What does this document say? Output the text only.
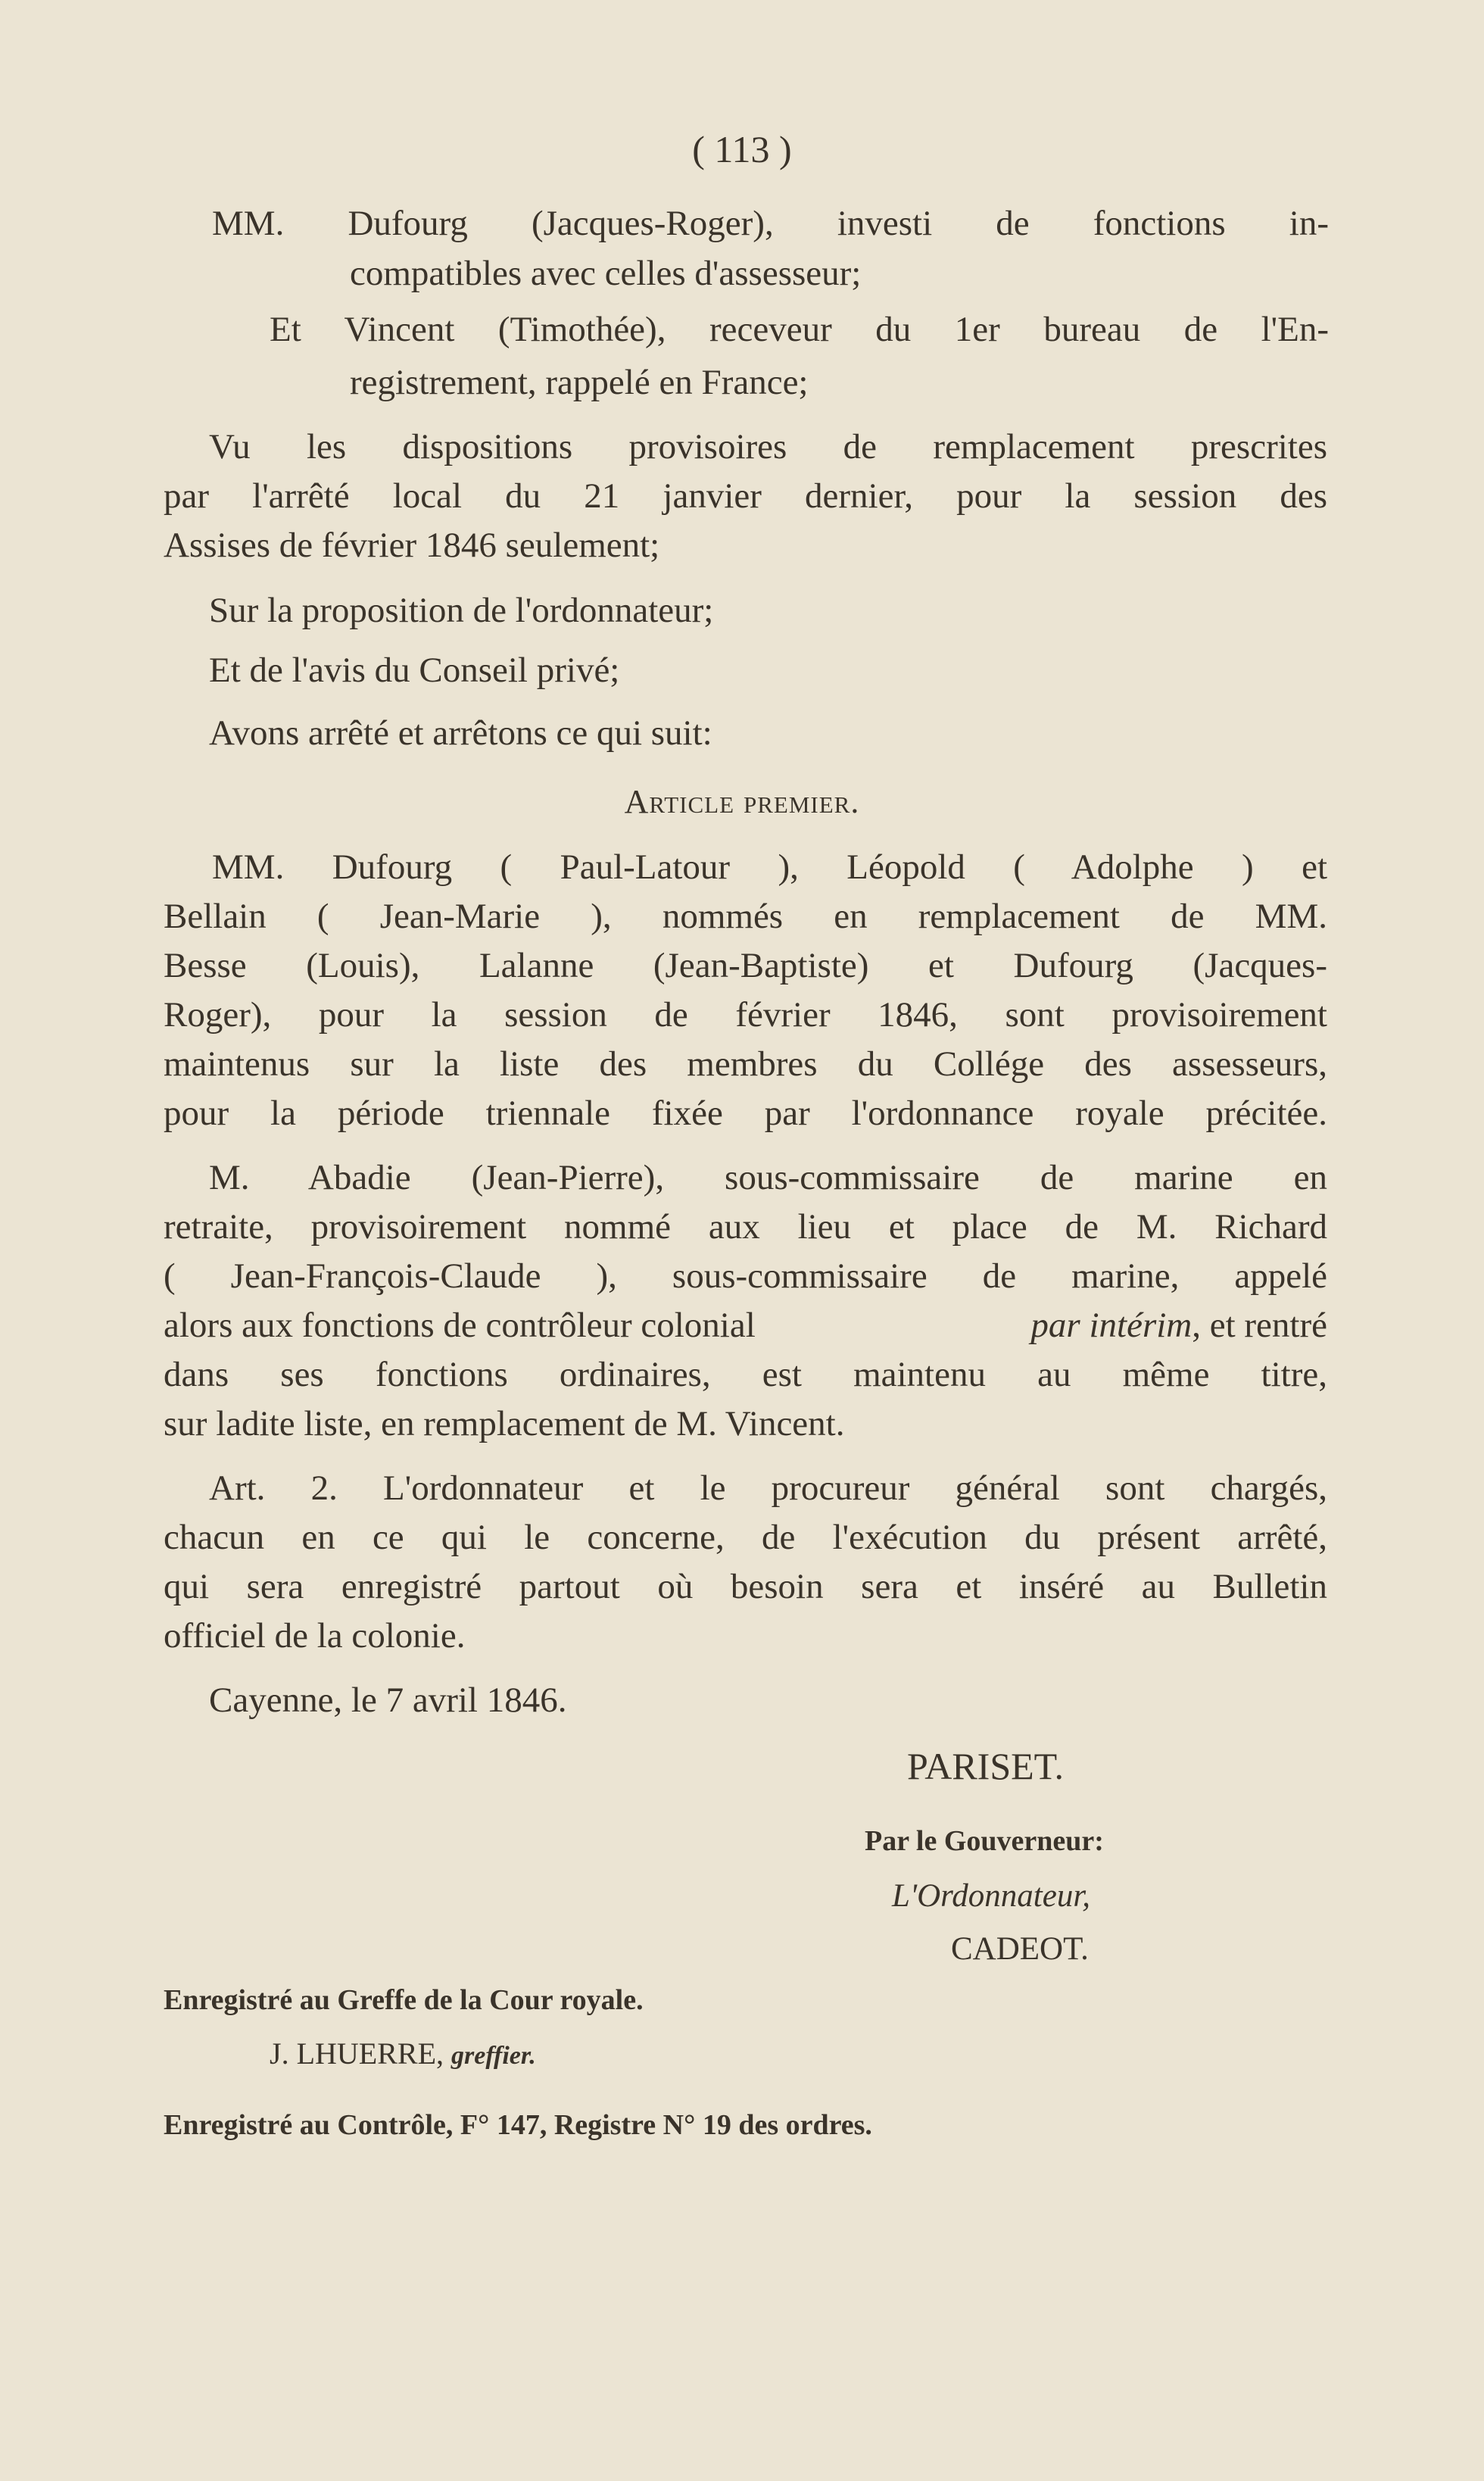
( 113 )
MM. Dufourg (Jacques-Roger), investi de fonctions in-
compatibles avec celles d'assesseur;
Et Vincent (Timothée), receveur du 1er bureau de l'En-
registrement, rappelé en France;
Vu les dispositions provisoires de remplacement prescrites
par l'arrêté local du 21 janvier dernier, pour la session des
Assises de février 1846 seulement;
Sur la proposition de l'ordonnateur;
Et de l'avis du Conseil privé;
Avons arrêté et arrêtons ce qui suit:
Article premier.
MM. Dufourg ( Paul-Latour ), Léopold ( Adolphe ) et
Bellain ( Jean-Marie ), nommés en remplacement de MM.
Besse (Louis), Lalanne (Jean-Baptiste) et Dufourg (Jacques-
Roger), pour la session de février 1846, sont provisoirement
maintenus sur la liste des membres du Collége des assesseurs,
pour la période triennale fixée par l'ordonnance royale précitée.
M. Abadie (Jean-Pierre), sous-commissaire de marine en
retraite, provisoirement nommé aux lieu et place de M. Richard
( Jean-François-Claude ), sous-commissaire de marine, appelé
alors aux fonctions de contrôleur colonial	par intérim, et rentré
dans ses fonctions ordinaires, est maintenu au même titre,
sur ladite liste, en remplacement de M. Vincent.
Art. 2. L'ordonnateur et le procureur général sont chargés,
chacun en ce qui le concerne, de l'exécution du présent arrêté,
qui sera enregistré partout où besoin sera et inséré au Bulletin
officiel de la colonie.
Cayenne, le 7 avril 1846.
PARISET.
Par le Gouverneur:
L'Ordonnateur,
CADEOT.
Enregistré au Greffe de la Cour royale.
J. LHUERRE, greffier.
Enregistré au Contrôle, F° 147, Registre N° 19 des ordres.
